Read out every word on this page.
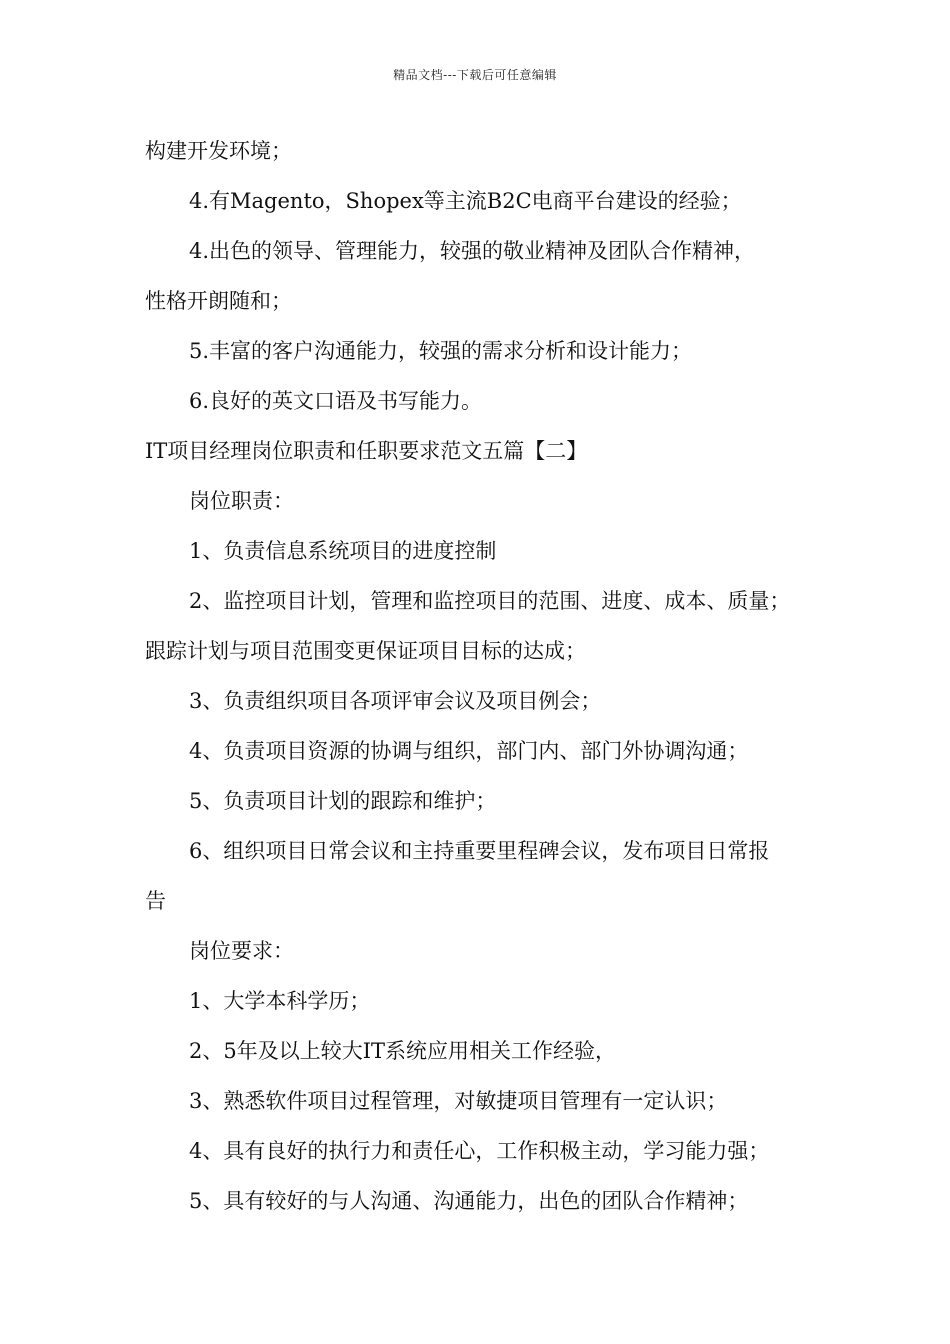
精品文档---下载后可任意编辑

构建开发环境；

4.有Magento，Shopex等主流B2C电商平台建设的经验；

4.出色的领导、管理能力，较强的敬业精神及团队合作精神，

性格开朗随和；

5.丰富的客户沟通能力，较强的需求分析和设计能力；

6.良好的英文口语及书写能力。

IT项目经理岗位职责和任职要求范文五篇【二】

岗位职责：

1、负责信息系统项目的进度控制

2、监控项目计划，管理和监控项目的范围、进度、成本、质量；

跟踪计划与项目范围变更保证项目目标的达成；

3、负责组织项目各项评审会议及项目例会；

4、负责项目资源的协调与组织，部门内、部门外协调沟通；

5、负责项目计划的跟踪和维护；

6、组织项目日常会议和主持重要里程碑会议，发布项目日常报

告

岗位要求：

1、大学本科学历；

2、5年及以上较大IT系统应用相关工作经验，

3、熟悉软件项目过程管理，对敏捷项目管理有一定认识；

4、具有良好的执行力和责任心，工作积极主动，学习能力强；

5、具有较好的与人沟通、沟通能力，出色的团队合作精神；
